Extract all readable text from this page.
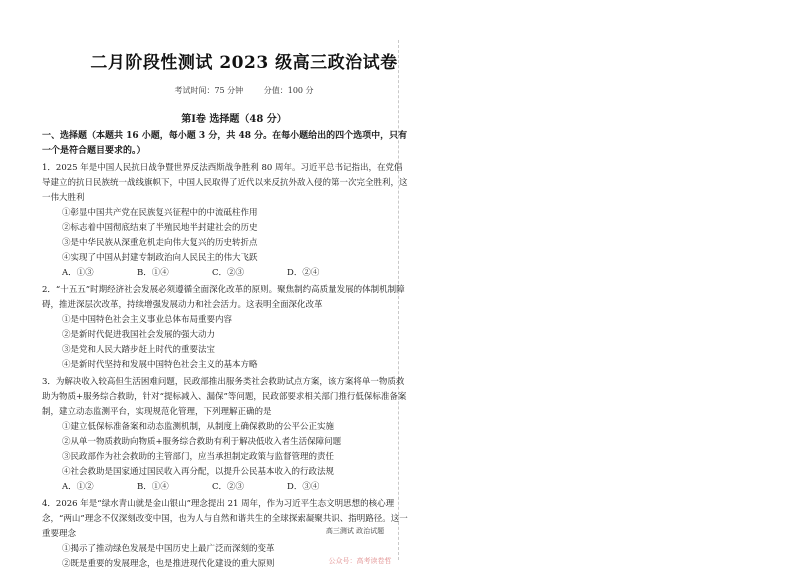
二月阶段性测试 2023 级高三政治试卷
考试时间：75 分钟	分值：100 分
第Ⅰ卷 选择题（48 分）
一、选择题（本题共 16 小题，每小题 3 分，共 48 分。在每小题给出的四个选项中，只有一个是符合题目要求的。）
1．2025 年是中国人民抗日战争暨世界反法西斯战争胜利 80 周年。习近平总书记指出，在党倡导建立的抗日民族统一战线旗帜下，中国人民取得了近代以来反抗外敌入侵的第一次完全胜利，这一伟大胜利
①彰显中国共产党在民族复兴征程中的中流砥柱作用
②标志着中国彻底结束了半殖民地半封建社会的历史
③是中华民族从深重危机走向伟大复兴的历史转折点
④实现了中国从封建专制政治向人民民主的伟大飞跃
A．①③	B．①④	C．②③	D．②④
2．“十五五”时期经济社会发展必须遵循全面深化改革的原则。聚焦制约高质量发展的体制机制障碍，推进深层次改革，持续增强发展动力和社会活力。这表明全面深化改革
①是中国特色社会主义事业总体布局重要内容
②是新时代促进我国社会发展的强大动力
③是党和人民大踏步赶上时代的重要法宝
④是新时代坚持和发展中国特色社会主义的基本方略
3．为解决收入较高但生活困难问题，民政部推出服务类社会救助试点方案，该方案将单一物质救助为物质+服务综合救助，针对“提标减入、漏保”等问题，民政部要求相关部门推行低保标准备案制，建立动态监测平台，实现规范化管理，下列理解正确的是
①建立低保标准备案和动态监测机制，从制度上确保救助的公平公正实施
②从单一物质救助向物质+服务综合救助有利于解决低收入者生活保障问题
③民政部作为社会救助的主管部门，应当承担制定政策与监督管理的责任
④社会救助是国家通过国民收入再分配，以提升公民基本收入的行政法规
A．①②	B．①④	C．②③	D．③④
4．2026 年是“绿水青山就是金山银山”理念提出 21 周年，作为习近平生态文明思想的核心理念，“两山”理念不仅深刻改变中国，也为人与自然和谐共生的全球探索凝聚共识、指明路径。这一重要理念
①揭示了推动绿色发展是中国历史上最广泛而深刻的变革
②既是重要的发展理念，也是推进现代化建设的重大原则
高三测试 政治试题
公众号：高考读卷哲
